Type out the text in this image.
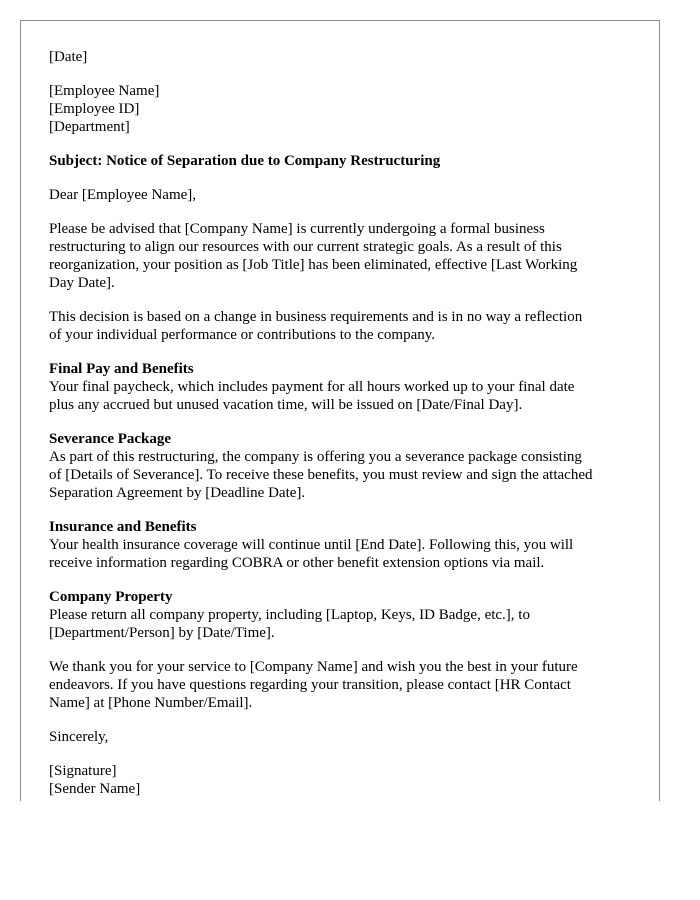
[Date]
[Employee Name]
[Employee ID]
[Department]
Subject: Notice of Separation due to Company Restructuring
Dear [Employee Name],
Please be advised that [Company Name] is currently undergoing a formal business
restructuring to align our resources with our current strategic goals. As a result of this
reorganization, your position as [Job Title] has been eliminated, effective [Last Working
Day Date].
This decision is based on a change in business requirements and is in no way a reflection
of your individual performance or contributions to the company.
Final Pay and Benefits
Your final paycheck, which includes payment for all hours worked up to your final date
plus any accrued but unused vacation time, will be issued on [Date/Final Day].
Severance Package
As part of this restructuring, the company is offering you a severance package consisting
of [Details of Severance]. To receive these benefits, you must review and sign the attached
Separation Agreement by [Deadline Date].
Insurance and Benefits
Your health insurance coverage will continue until [End Date]. Following this, you will
receive information regarding COBRA or other benefit extension options via mail.
Company Property
Please return all company property, including [Laptop, Keys, ID Badge, etc.], to
[Department/Person] by [Date/Time].
We thank you for your service to [Company Name] and wish you the best in your future
endeavors. If you have questions regarding your transition, please contact [HR Contact
Name] at [Phone Number/Email].
Sincerely,
[Signature]
[Sender Name]
